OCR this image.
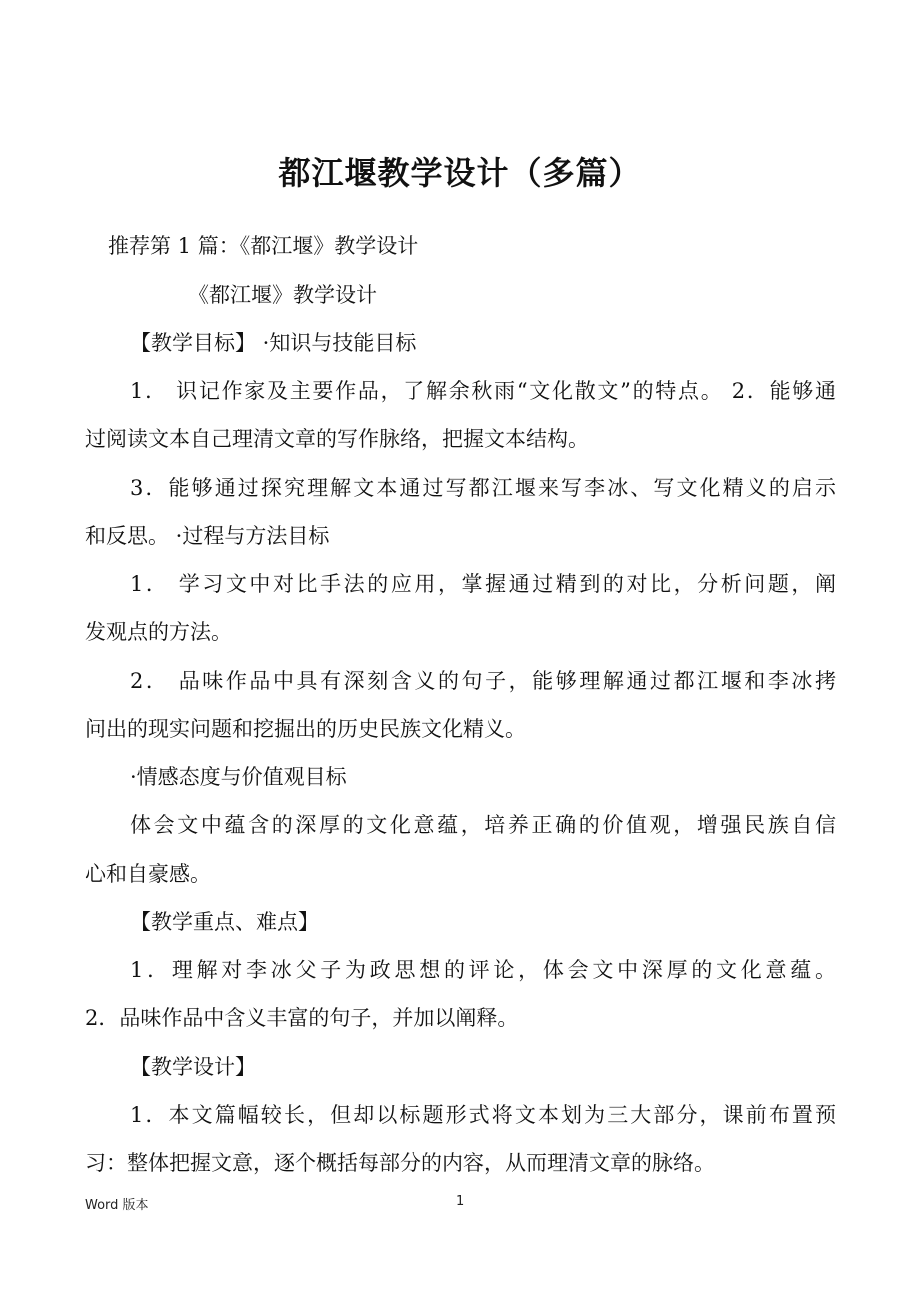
都江堰教学设计（多篇）
推荐第 1 篇：《都江堰》教学设计
《都江堰》教学设计
【教学目标】 ·知识与技能目标
1． 识记作家及主要作品，了解余秋雨“文化散文”的特点。 2．能够通
过阅读文本自己理清文章的写作脉络，把握文本结构。
3．能够通过探究理解文本通过写都江堰来写李冰、写文化精义的启示
和反思。 ·过程与方法目标
1． 学习文中对比手法的应用，掌握通过精到的对比，分析问题，阐
发观点的方法。
2． 品味作品中具有深刻含义的句子，能够理解通过都江堰和李冰拷
问出的现实问题和挖掘出的历史民族文化精义。
·情感态度与价值观目标
体会文中蕴含的深厚的文化意蕴，培养正确的价值观，增强民族自信
心和自豪感。
【教学重点、难点】
1．理解对李冰父子为政思想的评论，体会文中深厚的文化意蕴。
2．品味作品中含义丰富的句子，并加以阐释。
【教学设计】
1．本文篇幅较长，但却以标题形式将文本划为三大部分，课前布置预
习：整体把握文意，逐个概括每部分的内容，从而理清文章的脉络。
Word 版本	1
